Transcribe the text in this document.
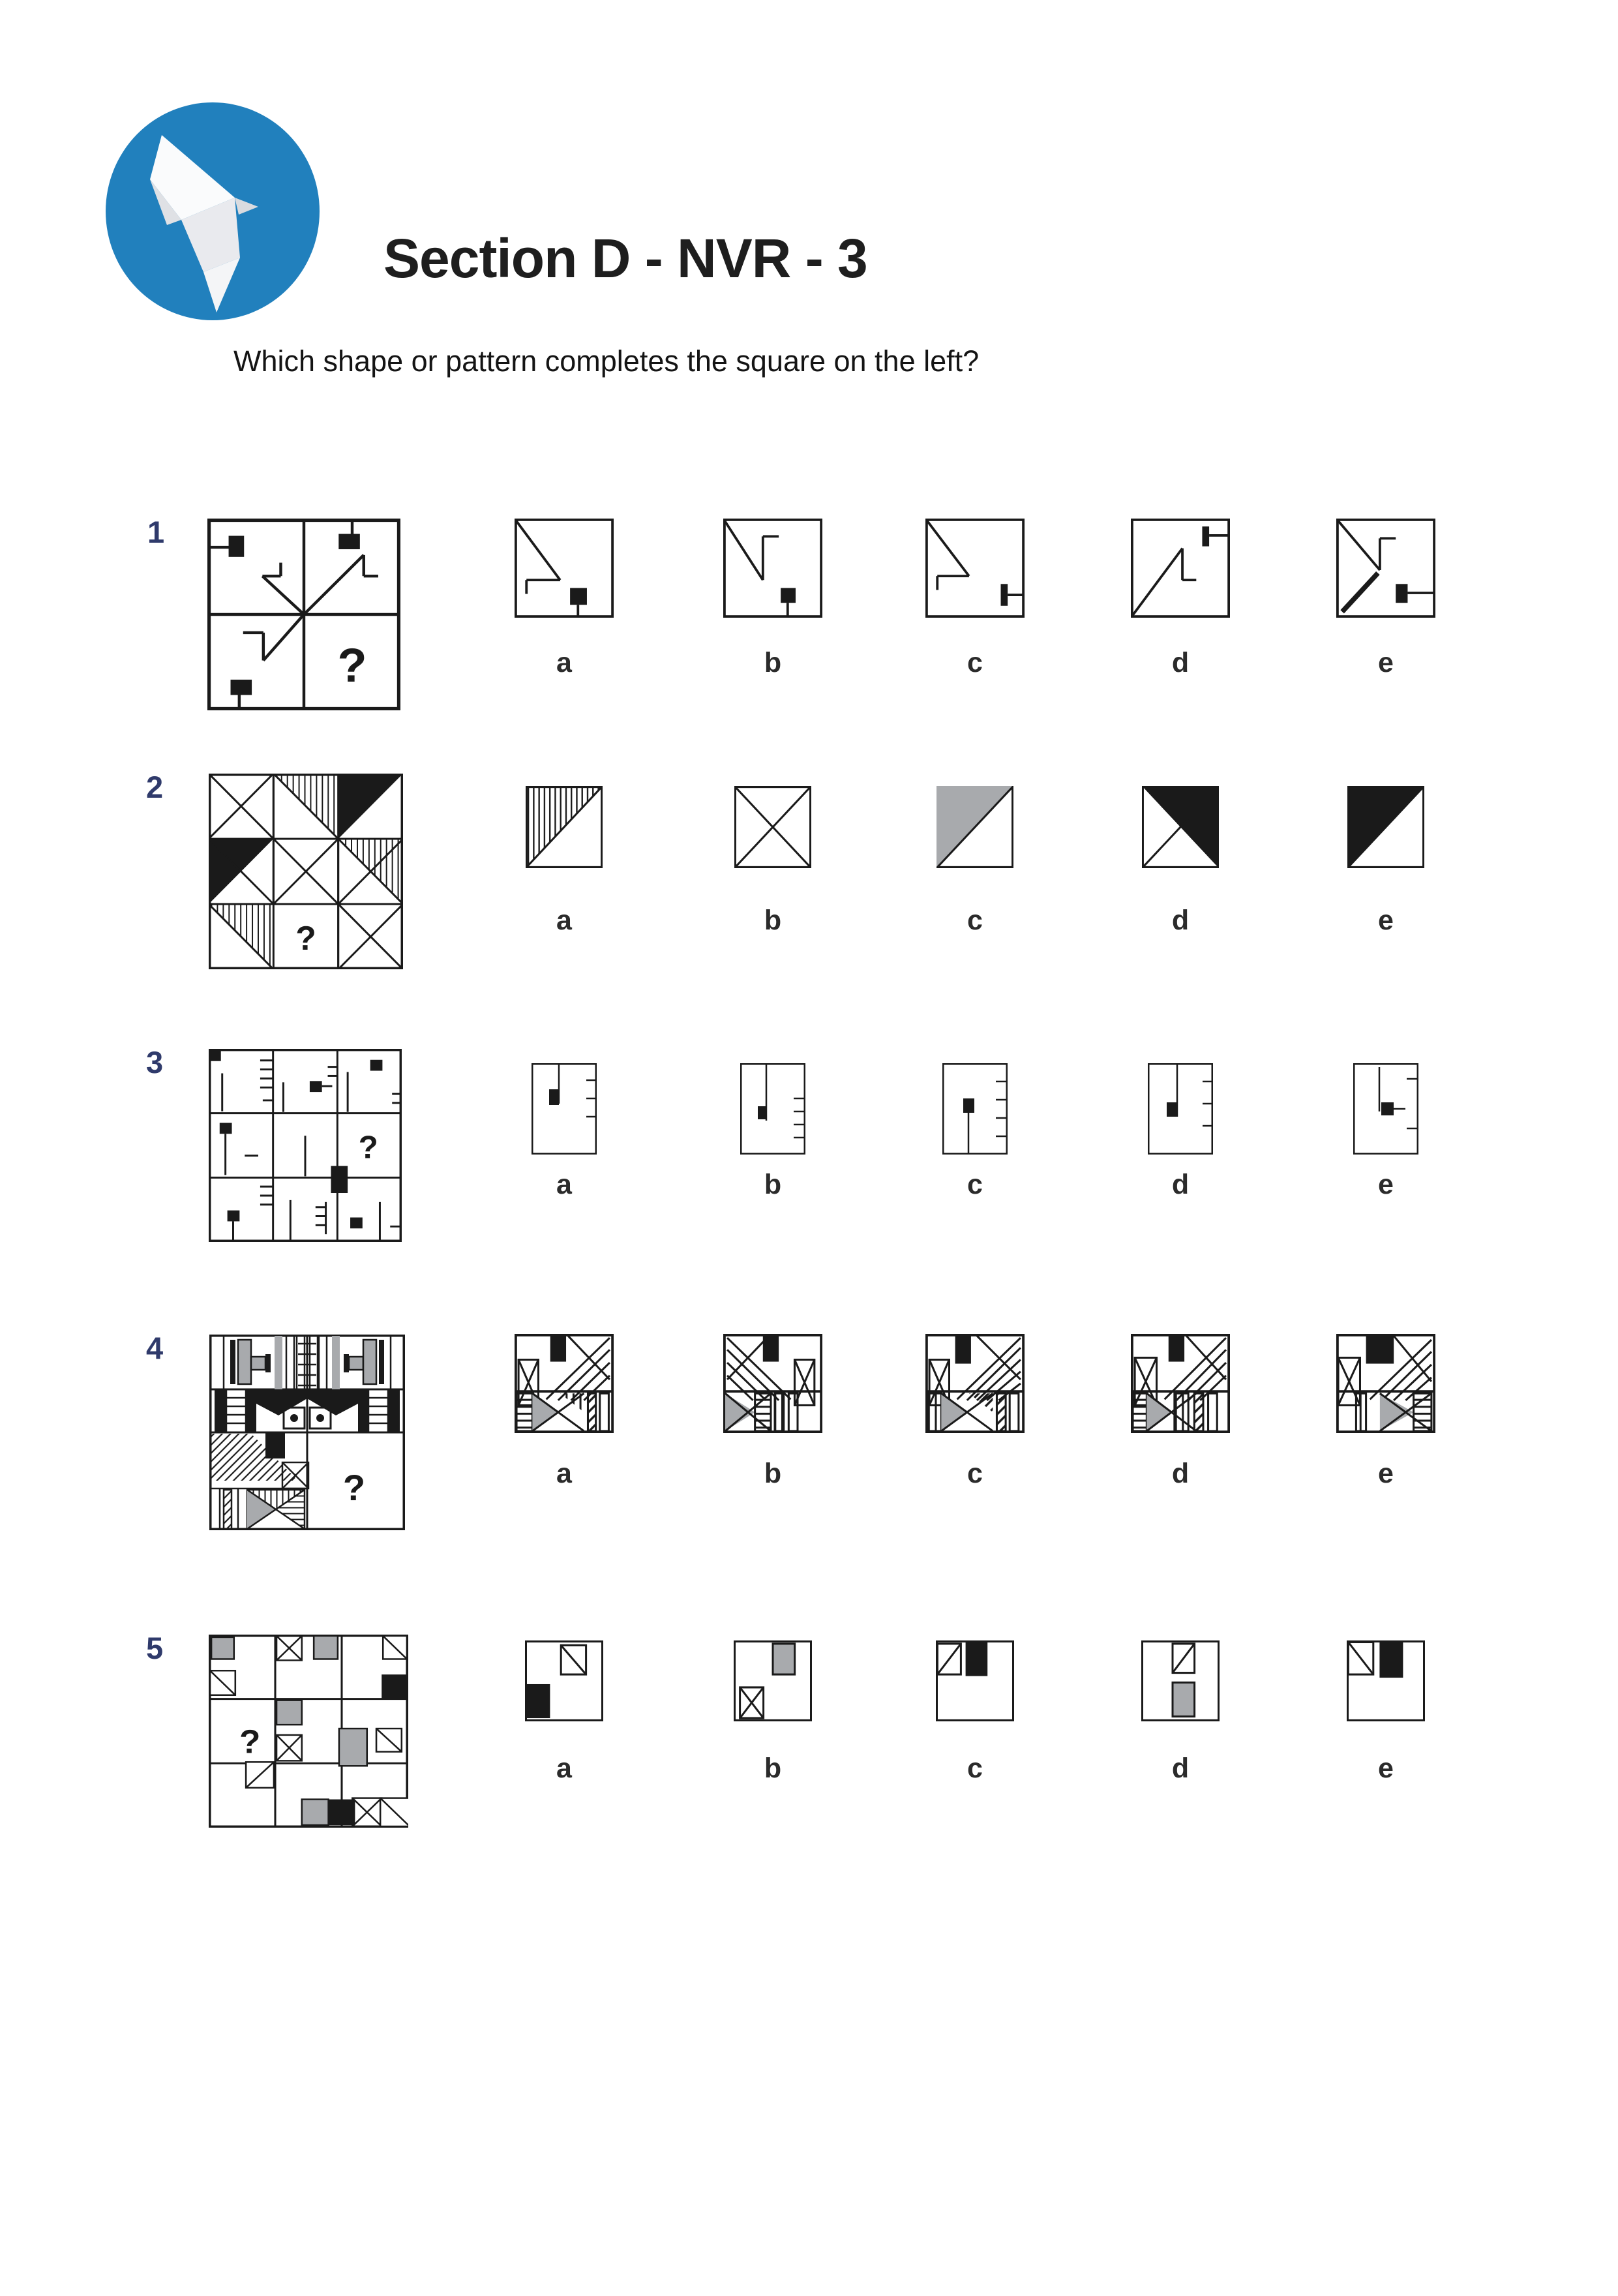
Section D - NVR - 3
Which shape or pattern completes the square on the left?
1
?	a	b	c	d	e
2
?	a	b	c	d	e
3
?
a	b	c	d	e
4
?	a	b	c	d	e
5
?
a	b	c	d	e
